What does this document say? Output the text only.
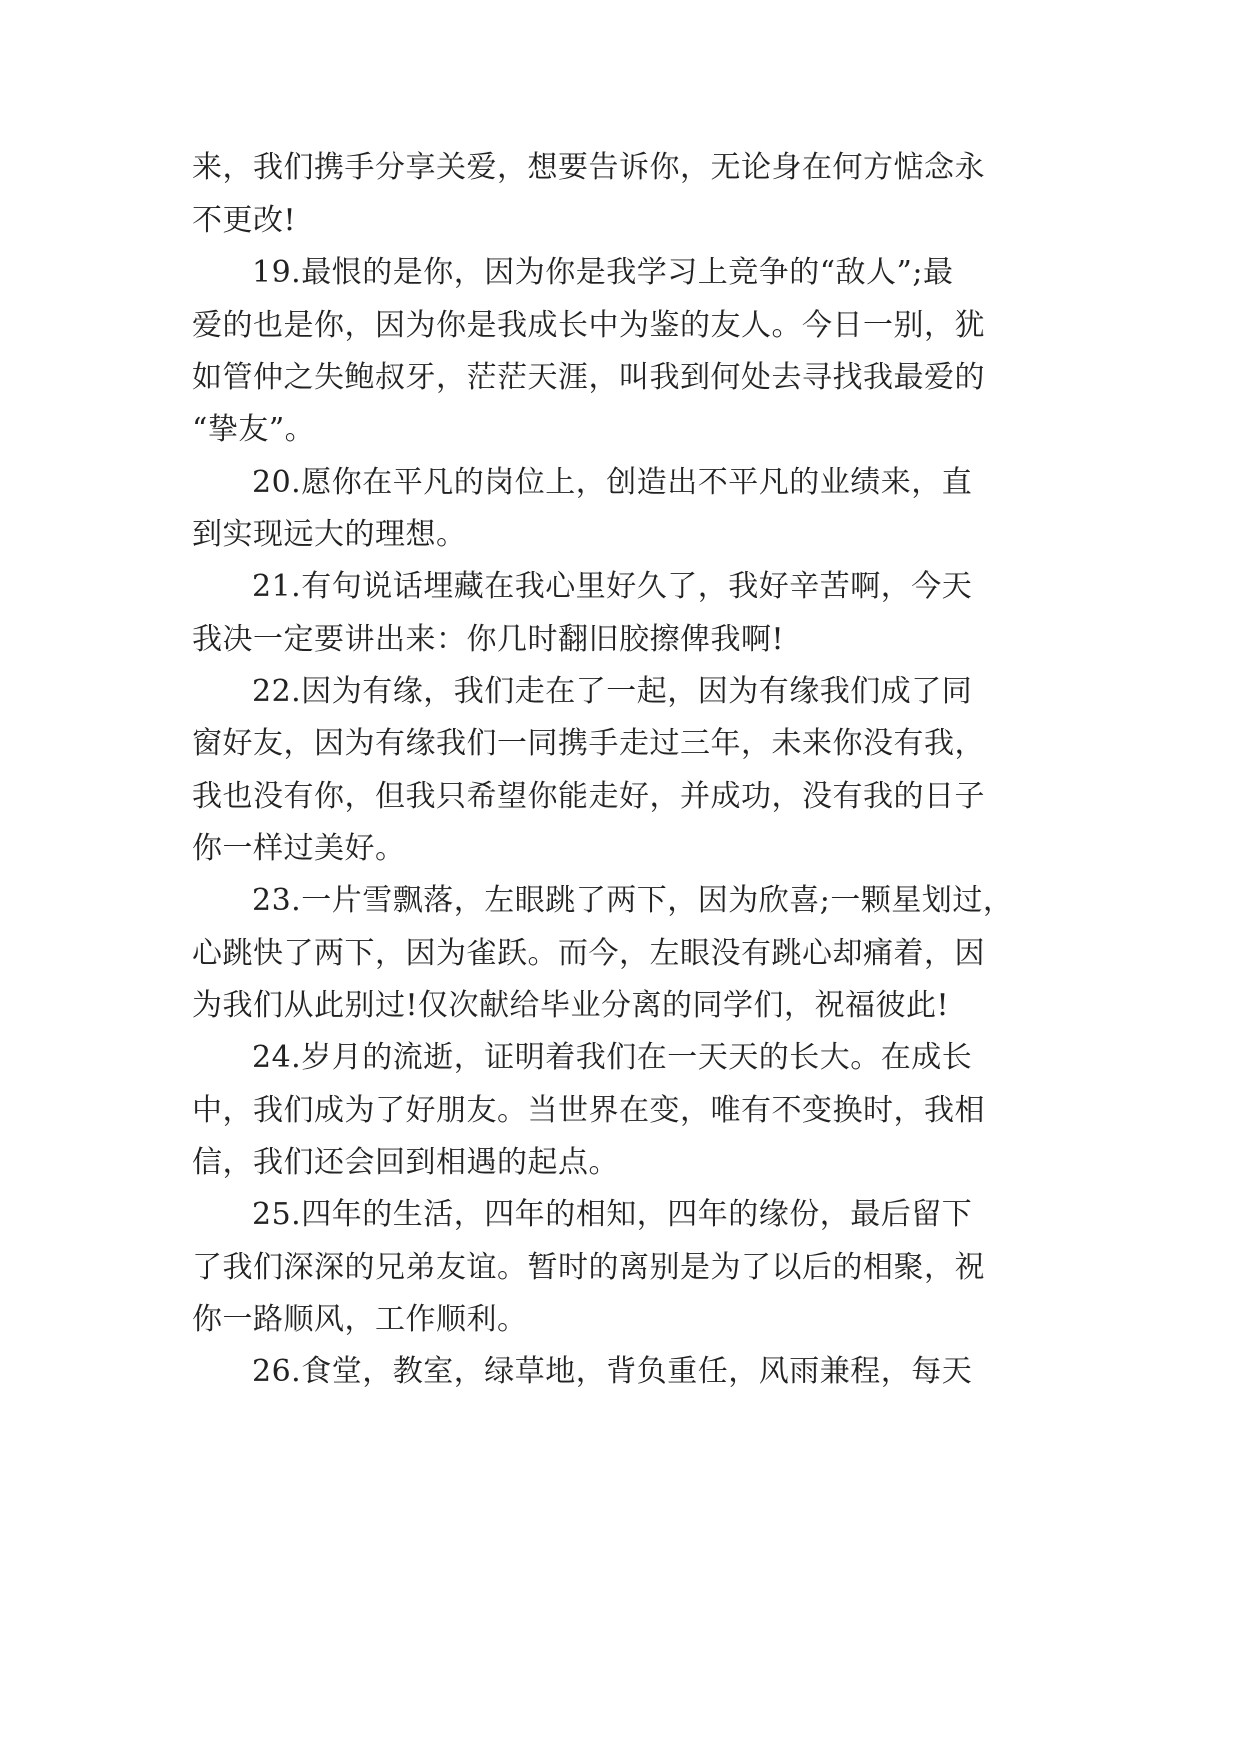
来，我们携手分享关爱，想要告诉你，无论身在何方惦念永
不更改!
19.最恨的是你，因为你是我学习上竞争的“敌人”;最
爱的也是你，因为你是我成长中为鉴的友人。今日一别，犹
如管仲之失鲍叔牙，茫茫天涯，叫我到何处去寻找我最爱的
“挚友”。
20.愿你在平凡的岗位上，创造出不平凡的业绩来，直
到实现远大的理想。
21.有句说话埋藏在我心里好久了，我好辛苦啊，今天
我决一定要讲出来：你几时翻旧胶擦俾我啊!
22.因为有缘，我们走在了一起，因为有缘我们成了同
窗好友，因为有缘我们一同携手走过三年，未来你没有我，
我也没有你，但我只希望你能走好，并成功，没有我的日子
你一样过美好。
23.一片雪飘落，左眼跳了两下，因为欣喜;一颗星划过，
心跳快了两下，因为雀跃。而今，左眼没有跳心却痛着，因
为我们从此别过!仅次献给毕业分离的同学们，祝福彼此!
24.岁月的流逝，证明着我们在一天天的长大。在成长
中，我们成为了好朋友。当世界在变，唯有不变换时，我相
信，我们还会回到相遇的起点。
25.四年的生活，四年的相知，四年的缘份，最后留下
了我们深深的兄弟友谊。暂时的离别是为了以后的相聚，祝
你一路顺风，工作顺利。
26.食堂，教室，绿草地，背负重任，风雨兼程，每天
